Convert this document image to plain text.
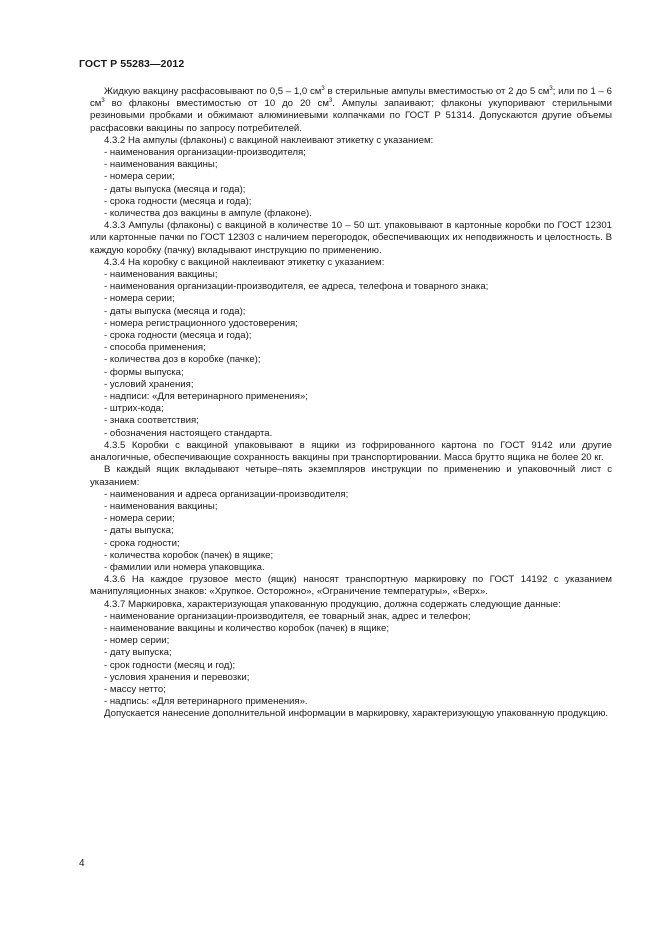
ГОСТ Р 55283—2012

Жидкую вакцину расфасовывают по 0,5 – 1,0 $см^3$ в стерильные ампулы вместимостью от 2 до 5 $см^3$; или по 1 – 6 $см^3$ во флаконы вместимостью от 10 до 20 $см^3$. Ампулы запаивают; флаконы укупоривают стерильными резиновыми пробками и обжимают алюминиевыми колпачками по ГОСТ Р 51314. Допускаются другие объемы расфасовки вакцины по запросу потребителей.

4.3.2 На ампулы (флаконы) с вакциной наклеивают этикетку с указанием:

- наименования организации-производителя;

- наименования вакцины;

- номера серии;

- даты выпуска (месяца и года);

- срока годности (месяца и года);

- количества доз вакцины в ампуле (флаконе).

4.3.3 Ампулы (флаконы) с вакциной в количестве 10 – 50 шт. упаковывают в картонные коробки по ГОСТ 12301 или картонные пачки по ГОСТ 12303 с наличием перегородок, обеспечивающих их неподвижность и целостность. В каждую коробку (пачку) вкладывают инструкцию по применению.

4.3.4 На коробку с вакциной наклеивают этикетку с указанием:

- наименования вакцины;

- наименования организации-производителя, ее адреса, телефона и товарного знака;

- номера серии;

- даты выпуска (месяца и года);

- номера регистрационного удостоверения;

- срока годности (месяца и года);

- способа применения;

- количества доз в коробке (пачке);

- формы выпуска;

- условий хранения;

- надписи: «Для ветеринарного применения»;

- штрих-кода;

- знака соответствия;

- обозначения настоящего стандарта.

4.3.5 Коробки с вакциной упаковывают в ящики из гофрированного картона по ГОСТ 9142 или другие аналогичные, обеспечивающие сохранность вакцины при транспортировании. Масса брутто ящика не более 20 кг.

В каждый ящик вкладывают четыре–пять экземпляров инструкции по применению и упаковочный лист с указанием:

- наименования и адреса организации-производителя;

- наименования вакцины;

- номера серии;

- даты выпуска;

- срока годности;

- количества коробок (пачек) в ящике;

- фамилии или номера упаковщика.

4.3.6 На каждое грузовое место (ящик) наносят транспортную маркировку по ГОСТ 14192 с указанием манипуляционных знаков: «Хрупкое. Осторожно», «Ограничение температуры», «Верх».

4.3.7 Маркировка, характеризующая упакованную продукцию, должна содержать следующие данные:

- наименование организации-производителя, ее товарный знак, адрес и телефон;

- наименование вакцины и количество коробок (пачек) в ящике;

- номер серии;

- дату выпуска;

- срок годности (месяц и год);

- условия хранения и перевозки;

- массу нетто;

- надпись: «Для ветеринарного применения».

Допускается нанесение дополнительной информации в маркировку, характеризующую упакованную продукцию.

4
